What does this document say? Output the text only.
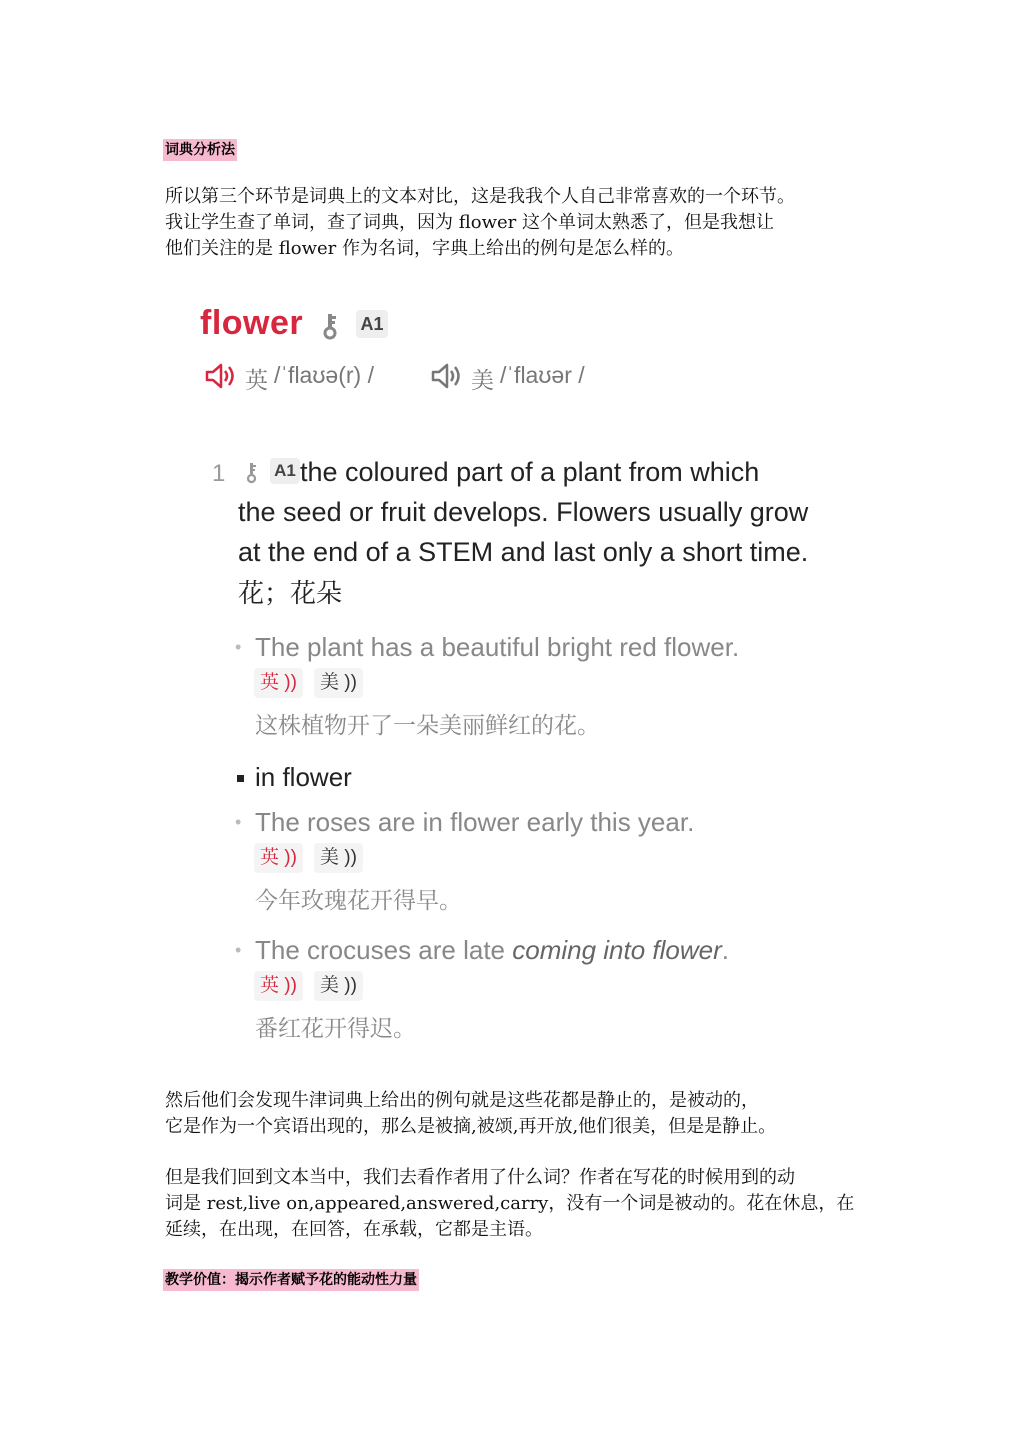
词典分析法
所以第三个环节是词典上的文本对比，这是我我个人自己非常喜欢的一个环节。
我让学生查了单词，查了词典，因为 flower 这个单词太熟悉了，但是我想让
他们关注的是 flower 作为名词，字典上给出的例句是怎么样的。
flower	A1
英 /ˈflaʊə(r) /	美 /ˈflaʊər /
1	the coloured part of a plant from which
the seed or fruit develops. Flowers usually grow
at the end of a STEM and last only a short time.
A1
花；花朵
• The plant has a beautiful bright red flower.
英 ))	美 ))
这株植物开了一朵美丽鲜红的花。
in flower
• The roses are in flower early this year.
英 ))	美 ))
今年玫瑰花开得早。
• The crocuses are late coming into flower.
英 ))	美 ))
番红花开得迟。
然后他们会发现牛津词典上给出的例句就是这些花都是静止的，是被动的，
它是作为一个宾语出现的，那么是被摘,被颂,再开放,他们很美，但是是静止。
但是我们回到文本当中，我们去看作者用了什么词？作者在写花的时候用到的动
词是 rest,live on,appeared,answered,carry，没有一个词是被动的。花在休息，在
延续，在出现，在回答，在承载，它都是主语。
教学价值：揭示作者赋予花的能动性力量
